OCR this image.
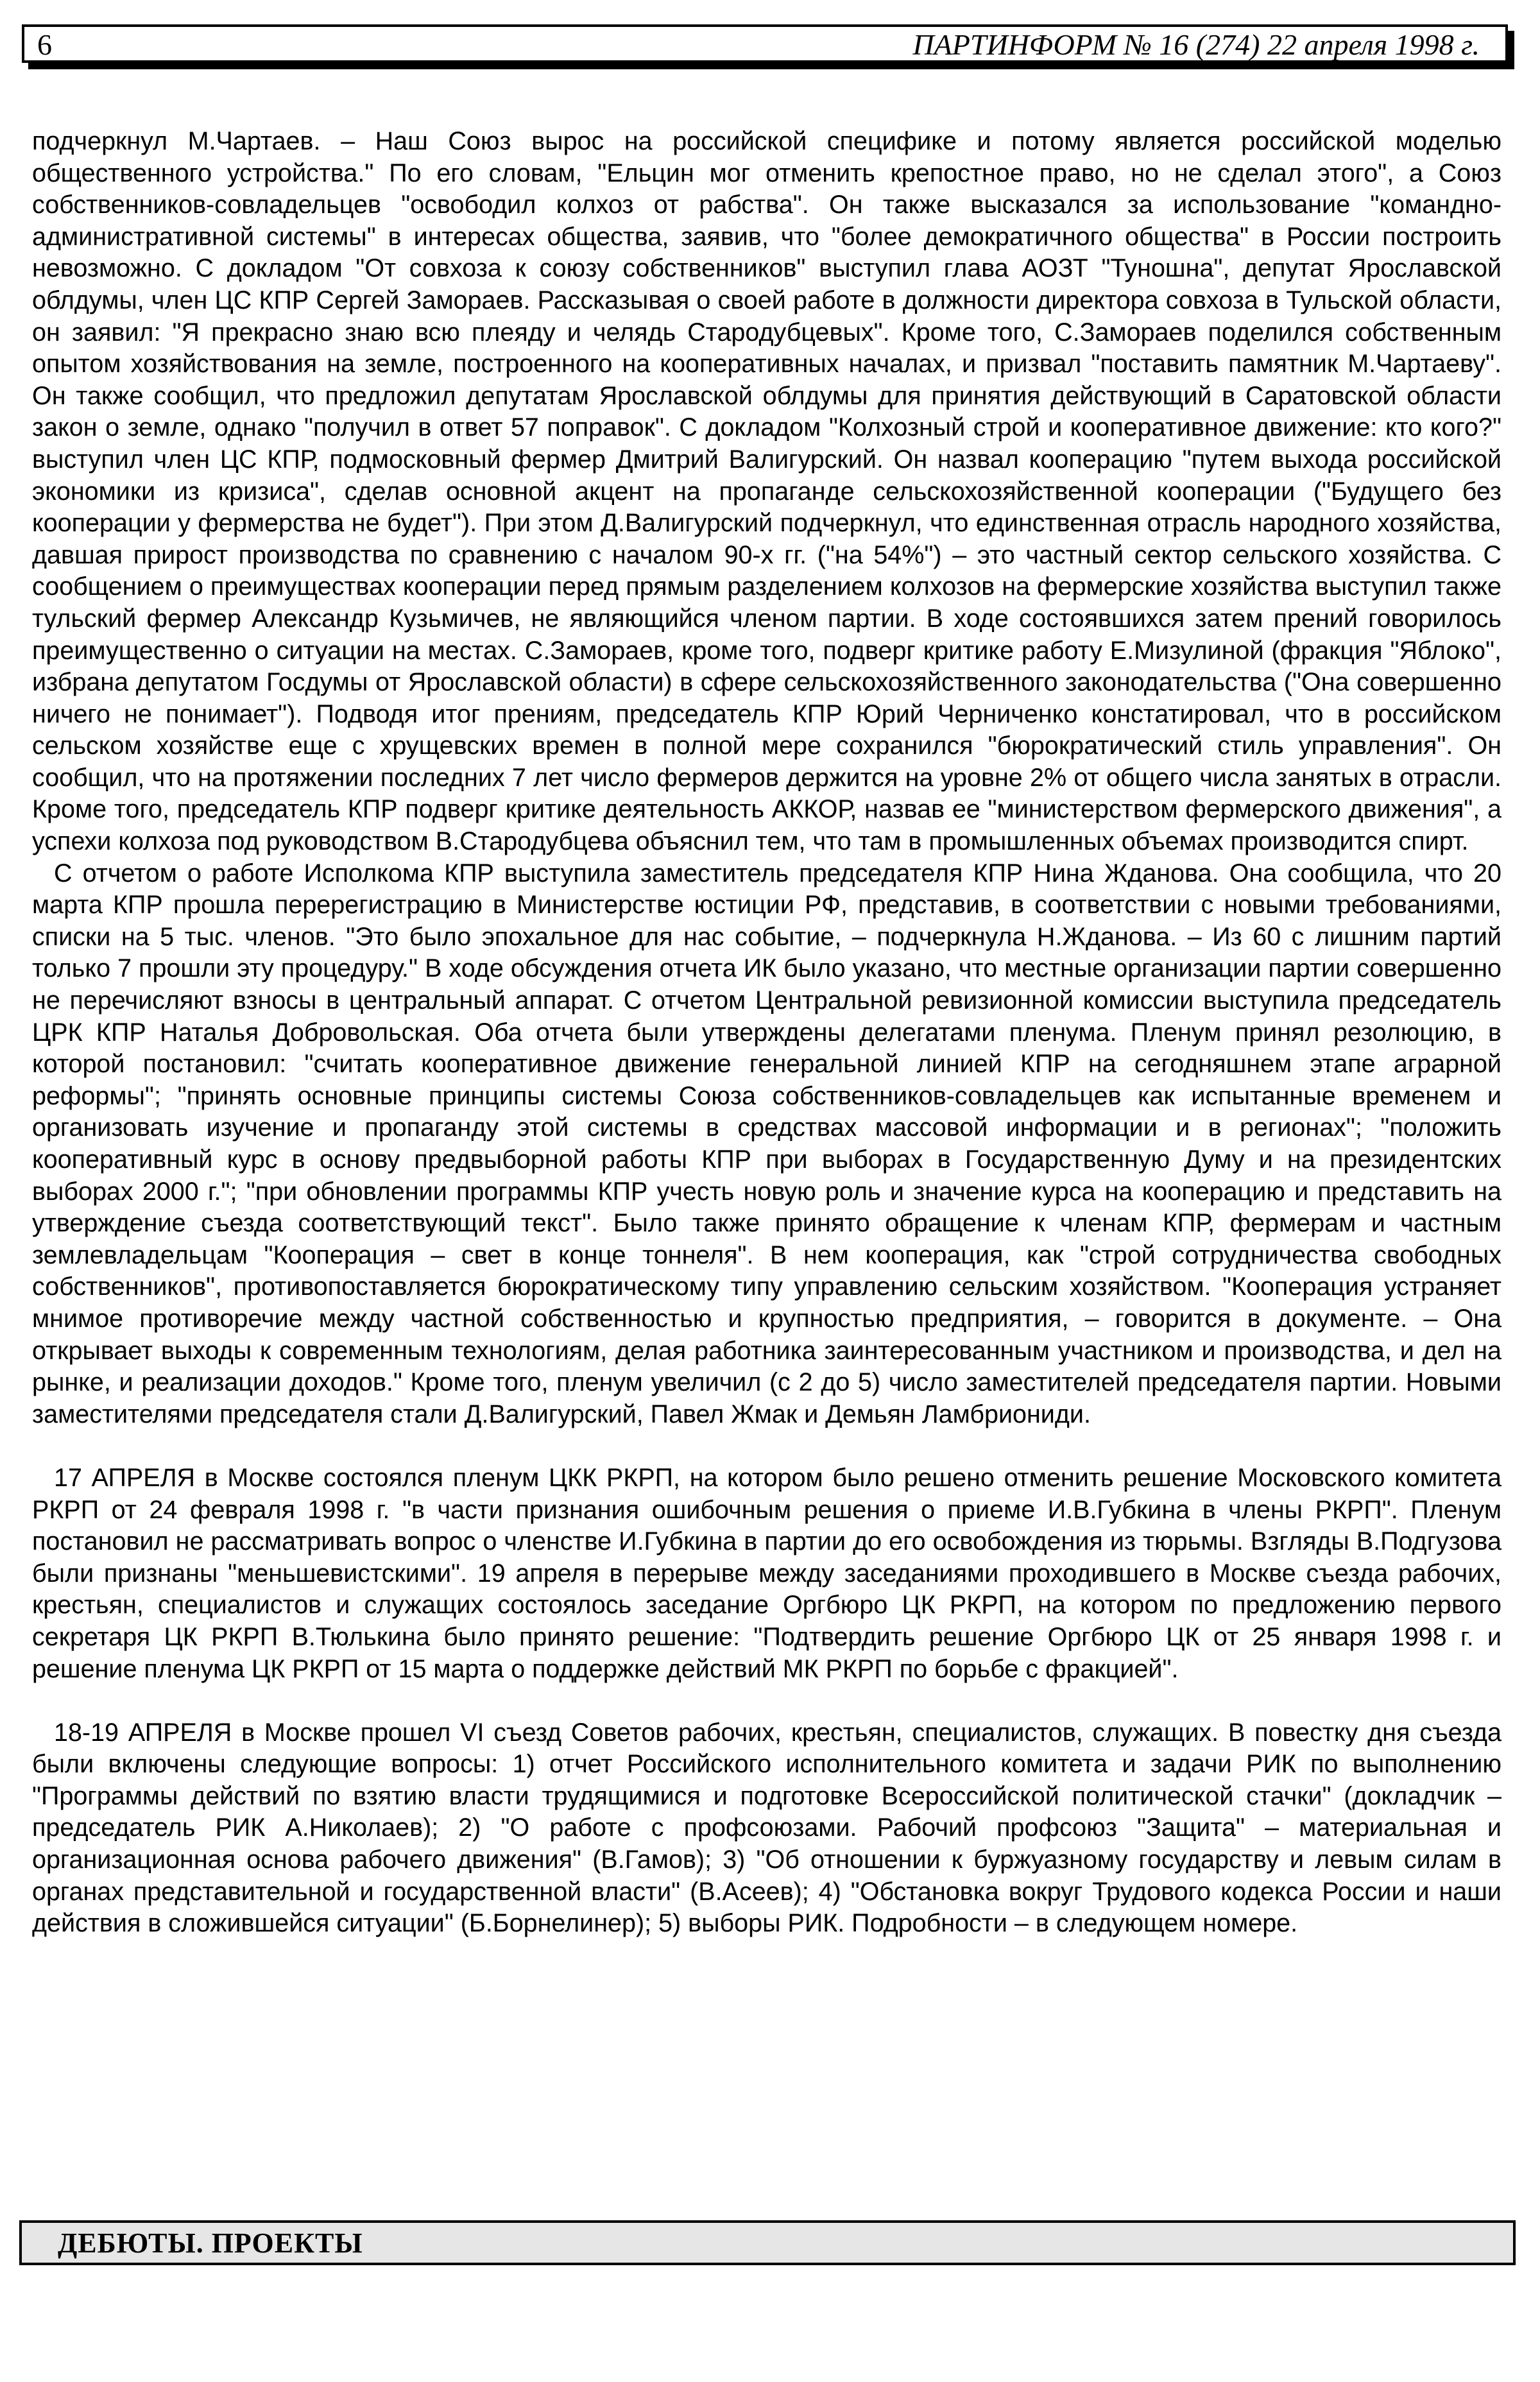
6	ПАРТИНФОРМ № 16 (274) 22 апреля 1998 г.

подчеркнул М.Чартаев. – Наш Союз вырос на российской специфике и потому является российской моделью общественного устройства." По его словам, "Ельцин мог отменить крепостное право, но не сделал этого", а Союз собственников-совладельцев "освободил колхоз от рабства". Он также высказался за использование "командно-административной системы" в интересах общества, заявив, что "более демократичного общества" в России построить невозможно. С докладом "От совхоза к союзу собственников" выступил глава АОЗТ "Туношна", депутат Ярославской облдумы, член ЦС КПР Сергей Замораев. Рассказывая о своей работе в должности директора совхоза в Тульской области, он заявил: "Я прекрасно знаю всю плеяду и челядь Стародубцевых". Кроме того, С.Замораев поделился собственным опытом хозяйствования на земле, построенного на кооперативных началах, и призвал "поставить памятник М.Чартаеву". Он также сообщил, что предложил депутатам Ярославской облдумы для принятия действующий в Саратовской области закон о земле, однако "получил в ответ 57 поправок". С докладом "Колхозный строй и кооперативное движение: кто кого?" выступил член ЦС КПР, подмосковный фермер Дмитрий Валигурский. Он назвал кооперацию "путем выхода российской экономики из кризиса", сделав основной акцент на пропаганде сельскохозяйственной кооперации ("Будущего без кооперации у фермерства не будет"). При этом Д.Валигурский подчеркнул, что единственная отрасль народного хозяйства, давшая прирост производства по сравнению с началом 90-х гг. ("на 54%") – это частный сектор сельского хозяйства. С сообщением о преимуществах кооперации перед прямым разделением колхозов на фермерские хозяйства выступил также тульский фермер Александр Кузьмичев, не являющийся членом партии. В ходе состоявшихся затем прений говорилось преимущественно о ситуации на местах. С.Замораев, кроме того, подверг критике работу Е.Мизулиной (фракция "Яблоко", избрана депутатом Госдумы от Ярославской области) в сфере сельскохозяйственного законодательства ("Она совершенно ничего не понимает"). Подводя итог прениям, председатель КПР Юрий Черниченко констатировал, что в российском сельском хозяйстве еще с хрущевских времен в полной мере сохранился "бюрократический стиль управления". Он сообщил, что на протяжении последних 7 лет число фермеров держится на уровне 2% от общего числа занятых в отрасли. Кроме того, председатель КПР подверг критике деятельность АККОР, назвав ее "министерством фермерского движения", а успехи колхоза под руководством В.Стародубцева объяснил тем, что там в промышленных объемах производится спирт.

С отчетом о работе Исполкома КПР выступила заместитель председателя КПР Нина Жданова. Она сообщила, что 20 марта КПР прошла перерегистрацию в Министерстве юстиции РФ, представив, в соответствии с новыми требованиями, списки на 5 тыс. членов. "Это было эпохальное для нас событие, – подчеркнула Н.Жданова. – Из 60 с лишним партий только 7 прошли эту процедуру." В ходе обсуждения отчета ИК было указано, что местные организации партии совершенно не перечисляют взносы в центральный аппарат. С отчетом Центральной ревизионной комиссии выступила председатель ЦРК КПР Наталья Добровольская. Оба отчета были утверждены делегатами пленума. Пленум принял резолюцию, в которой постановил: "считать кооперативное движение генеральной линией КПР на сегодняшнем этапе аграрной реформы"; "принять основные принципы системы Союза собственников-совладельцев как испытанные временем и организовать изучение и пропаганду этой системы в средствах массовой информации и в регионах"; "положить кооперативный курс в основу предвыборной работы КПР при выборах в Государственную Думу и на президентских выборах 2000 г."; "при обновлении программы КПР учесть новую роль и значение курса на кооперацию и представить на утверждение съезда соответствующий текст". Было также принято обращение к членам КПР, фермерам и частным землевладельцам "Кооперация – свет в конце тоннеля". В нем кооперация, как "строй сотрудничества свободных собственников", противопоставляется бюрократическому типу управлению сельским хозяйством. "Кооперация устраняет мнимое противоречие между частной собственностью и крупностью предприятия, – говорится в документе. – Она открывает выходы к современным технологиям, делая работника заинтересованным участником и производства, и дел на рынке, и реализации доходов." Кроме того, пленум увеличил (с 2 до 5) число заместителей председателя партии. Новыми заместителями председателя стали Д.Валигурский, Павел Жмак и Демьян Ламбриониди.

17 АПРЕЛЯ в Москве состоялся пленум ЦКК РКРП, на котором было решено отменить решение Московского комитета РКРП от 24 февраля 1998 г. "в части признания ошибочным решения о приеме И.В.Губкина в члены РКРП". Пленум постановил не рассматривать вопрос о членстве И.Губкина в партии до его освобождения из тюрьмы. Взгляды В.Подгузова были признаны "меньшевистскими". 19 апреля в перерыве между заседаниями проходившего в Москве съезда рабочих, крестьян, специалистов и служащих состоялось заседание Оргбюро ЦК РКРП, на котором по предложению первого секретаря ЦК РКРП В.Тюлькина было принято решение: "Подтвердить решение Оргбюро ЦК от 25 января 1998 г. и решение пленума ЦК РКРП от 15 марта о поддержке действий МК РКРП по борьбе с фракцией".

18-19 АПРЕЛЯ в Москве прошел VI съезд Советов рабочих, крестьян, специалистов, служащих. В повестку дня съезда были включены следующие вопросы: 1) отчет Российского исполнительного комитета и задачи РИК по выполнению "Программы действий по взятию власти трудящимися и подготовке Всероссийской политической стачки" (докладчик – председатель РИК А.Николаев); 2) "О работе с профсоюзами. Рабочий профсоюз "Защита" – материальная и организационная основа рабочего движения" (В.Гамов); 3) "Об отношении к буржуазному государству и левым силам в органах представительной и государственной власти" (В.Асеев); 4) "Обстановка вокруг Трудового кодекса России и наши действия в сложившейся ситуации" (Б.Борнелинер); 5) выборы РИК. Подробности – в следующем номере.

ДЕБЮТЫ. ПРОЕКТЫ
